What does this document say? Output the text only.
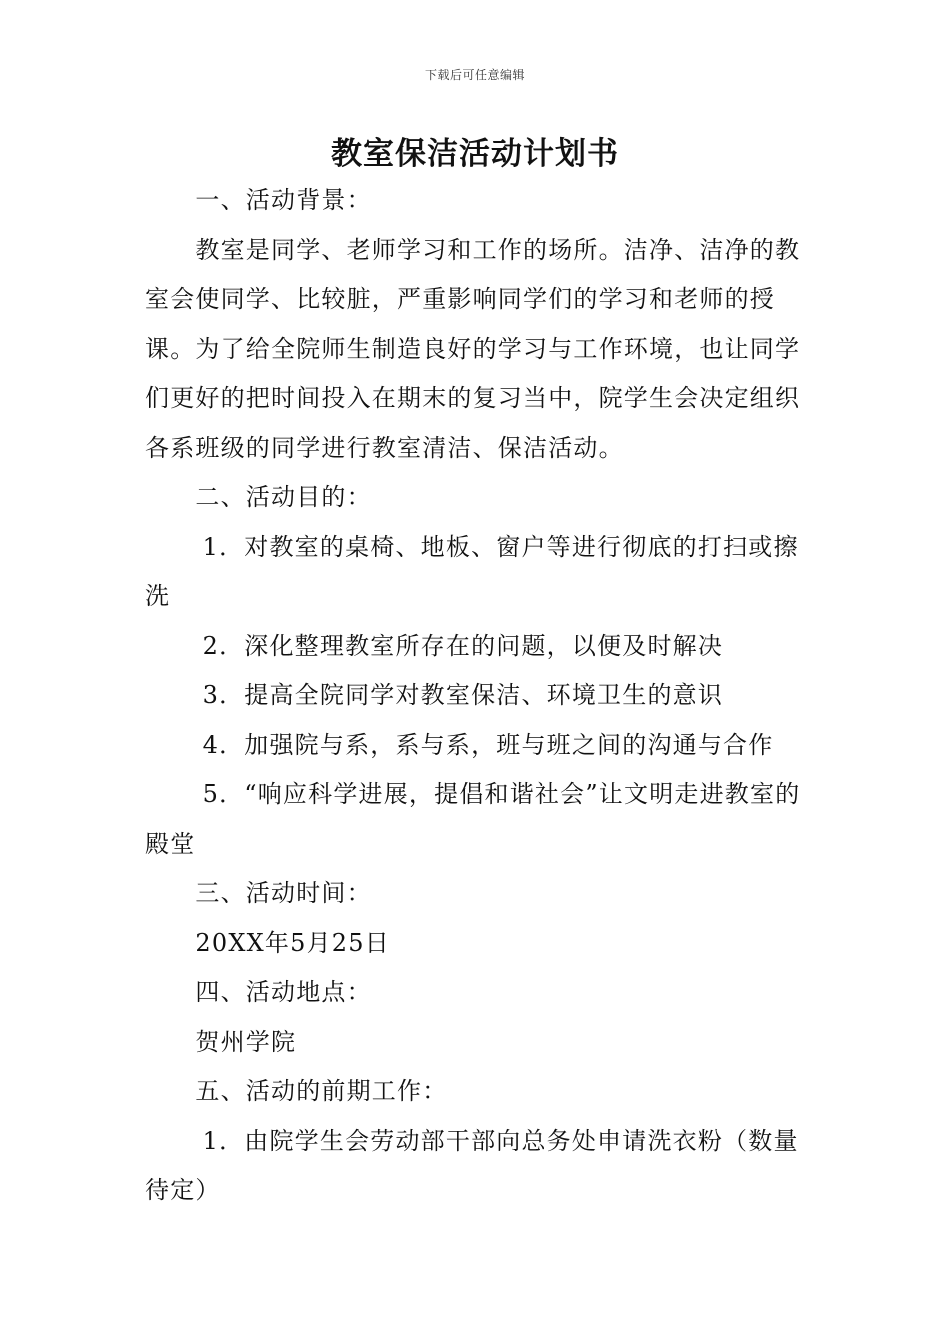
下载后可任意编辑
教室保洁活动计划书

一、活动背景：

教室是同学、老师学习和工作的场所。洁净、洁净的教室会使同学、比较脏，严重影响同学们的学习和老师的授课。为了给全院师生制造良好的学习与工作环境，也让同学们更好的把时间投入在期末的复习当中，院学生会决定组织各系班级的同学进行教室清洁、保洁活动。

二、活动目的：

1．对教室的桌椅、地板、窗户等进行彻底的打扫或擦洗

2．深化整理教室所存在的问题，以便及时解决

3．提高全院同学对教室保洁、环境卫生的意识

4．加强院与系，系与系，班与班之间的沟通与合作

5．“响应科学进展，提倡和谐社会”让文明走进教室的殿堂

三、活动时间：

20XX年5月25日

四、活动地点：

贺州学院

五、活动的前期工作：

1．由院学生会劳动部干部向总务处申请洗衣粉（数量待定）
